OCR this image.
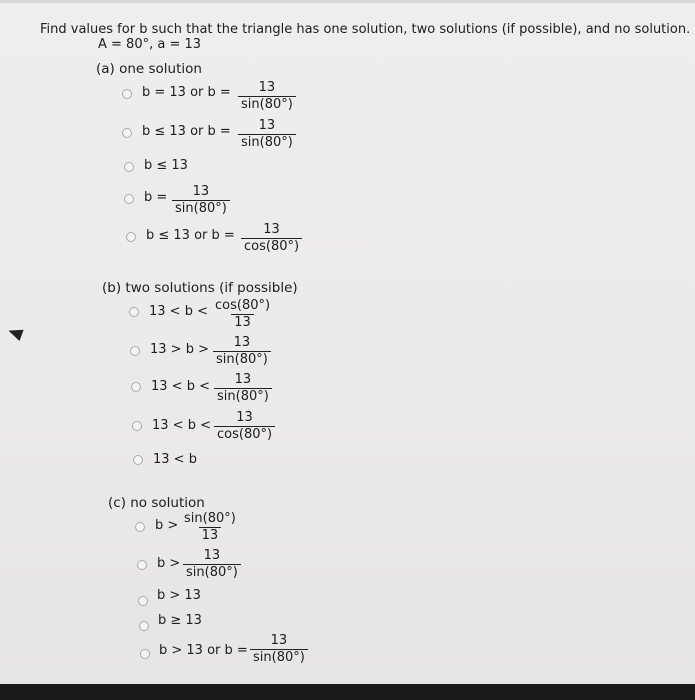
Find values for b such that the triangle has one solution, two solutions (if possible), and no solution.
A = 80°, a = 13
(a) one solution
b = 13 or $b = \frac{13}{\sin(80^\circ)}$
b ≤ 13 or $b = \frac{13}{\sin(80^\circ)}$
b ≤ 13
$b = \frac{13}{\sin(80^\circ)}$
b ≤ 13 or $b = \frac{13}{\cos(80^\circ)}$
(b) two solutions (if possible)
$13 < b < \frac{\cos(80^\circ)}{13}$
$13 > b > \frac{13}{\sin(80^\circ)}$
$13 < b < \frac{13}{\sin(80^\circ)}$
$13 < b < \frac{13}{\cos(80^\circ)}$
13 < b
(c) no solution
$b > \frac{\sin(80^\circ)}{13}$
$b > \frac{13}{\sin(80^\circ)}$
b > 13
b ≥ 13
b > 13 or $b = \frac{13}{\sin(80^\circ)}$
